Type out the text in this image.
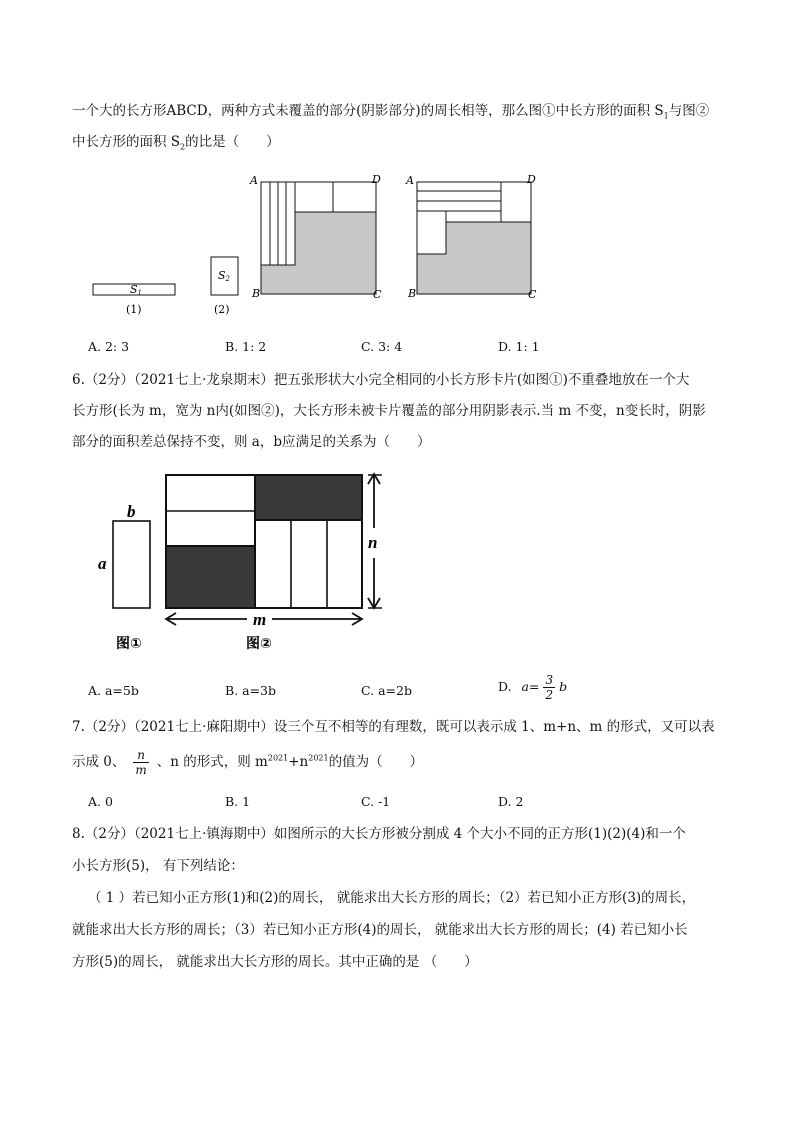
一个大的长方形ABCD，两种方式未覆盖的部分(阴影部分)的周长相等，那么图①中长方形的面积 $S_1$与图②
中长方形的面积 $S_2$的比是（　　）
S1
(1)
S2
(2)
A	D
B	C
A	D
B	C
A. 2: 3	B. 1: 2	C. 3: 4	D. 1: 1
6.（2分）（2021七上·龙泉期末）把五张形状大小完全相同的小长方形卡片(如图①)不重叠地放在一个大
长方形(长为 m，宽为 n内(如图②)，大长方形未被卡片覆盖的部分用阴影表示.当 m 不变，n变长时，阴影
部分的面积差总保持不变，则 a，b应满足的关系为（　　）
b
a
图①
n
m
图②
A. a=5b	B. a=3b	C. a=2b	D. $a= \frac{3}{2}$ b
7.（2分）（2021七上·麻阳期中）设三个互不相等的有理数，既可以表示成 1、m+n、m 的形式，又可以表
示成 0、 $\frac{n}{m}$ 、n 的形式，则 $m^{2021}+n^{2021}$的值为（　　）
A. 0	B. 1	C. -1	D. 2
8.（2分）（2021七上·镇海期中）如图所示的大长方形被分割成 4 个大小不同的正方形(1)(2)(4)和一个
小长方形(5)， 有下列结论：
（ 1 ）若已知小正方形(1)和(2)的周长， 就能求出大长方形的周长；（2）若已知小正方形(3)的周长，
就能求出大长方形的周长；（3）若已知小正方形(4)的周长， 就能求出大长方形的周长；(4) 若已知小长
方形(5)的周长， 就能求出大长方形的周长。其中正确的是 （　　）
